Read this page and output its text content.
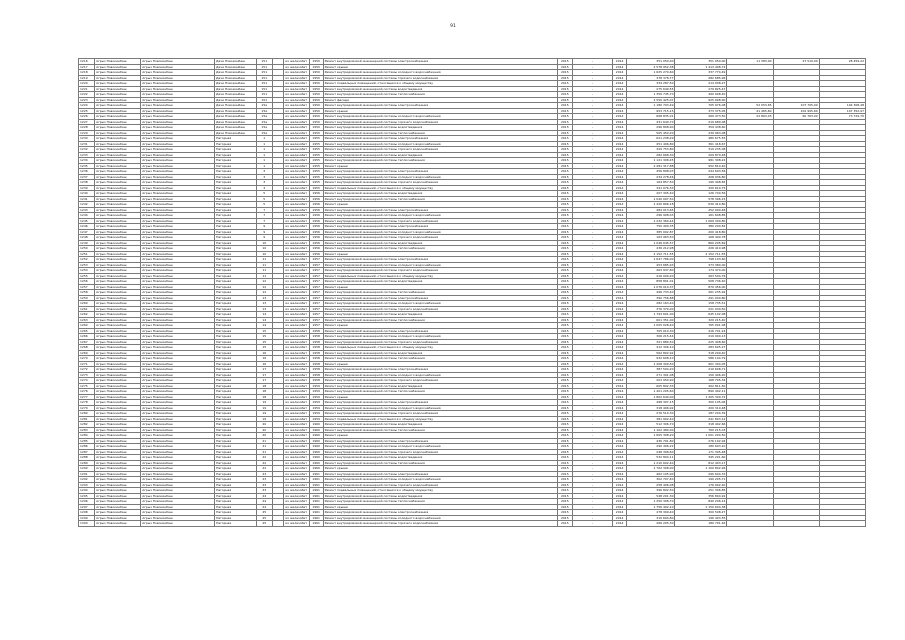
91
1216	Агрыз Новокинбаш	Агрыз Новокинбаш	Дачи Новокинбаш	151		из железобет	1950	Ремонт внутридомовой инженерной системы электроснабжения	2015	-	2014	351 050,00	351 050,00	11 383,00	27 510,00	28 459,22
1217	Агрыз Новокинбаш	Агрыз Новокинбаш	Дачи Новокинбаш	151		из железобет	1950	Ремонт крыши	2015	-	2014	2 578 952,38	1 413 498,74			
1218	Агрыз Новокинбаш	Агрыз Новокинбаш	Дачи Новокинбаш	151		из железобет	1950	Ремонт внутридомовой инженерной системы холодного водоснабжения	2015	-	2014	1 625 270,60	337 774,49			
1219	Агрыз Новокинбаш	Агрыз Новокинбаш	Дачи Новокинбаш	151		из железобет	1950	Ремонт внутридомовой инженерной системы горячего водоснабжения	2015	-	2014	378 378,77	282 685,96			
1220	Агрыз Новокинбаш	Агрыз Новокинбаш	Дачи Новокинбаш	151		из железобет	1950	Ремонт подвальных помещений, относящихся к общему имуществу	2015	-	2014	334 287,50	214 008,27			
1221	Агрыз Новокинбаш	Агрыз Новокинбаш	Дачи Новокинбаш	151		из железобет	1950	Ремонт внутридомовой инженерной системы водоотведения	2015	-	2014	275 649,55	279 825,47			
1222	Агрыз Новокинбаш	Агрыз Новокинбаш	Дачи Новокинбаш	151		из железобет	1950	Ремонт внутридомовой инженерной системы теплоснабжения	2015	-	2014	1 350 745,70	490 998,40			
1223	Агрыз Новокинбаш	Агрыз Новокинбаш	Дачи Новокинбаш	151		из железобет	1950	Ремонт фасада	2015	-	2014	2 550 425,07	925 998,90			
1224	Агрыз Новокинбаш	Агрыз Новокинбаш	Дачи Новокинбаш	15а		из железобет	1950	Ремонт внутридомовой инженерной системы электроснабжения	2015	-	2014	1 180 703,49	705 976,08	52 053,65	107 705,00	104 308,48
1225	Агрыз Новокинбаш	Агрыз Новокинбаш	Дачи Новокинбаш	15а		из железобет	1950	Ремонт крыши	2015	-	2014	953 715,15	373 375,05	41 465,60	102 995,60	107 352,97
1226	Агрыз Новокинбаш	Агрыз Новокинбаш	Дачи Новокинбаш	15а		из железобет	1950	Ремонт внутридомовой инженерной системы холодного водоснабжения	2015	-	2014	668 835,01	269 473,50	22 863,03	60 763,00	73 729,70
1227	Агрыз Новокинбаш	Агрыз Новокинбаш	Дачи Новокинбаш	15а		из железобет	1950	Ремонт внутридомовой инженерной системы горячего водоснабжения	2015	-	2014	431 640,70	219 680,08			
1228	Агрыз Новокинбаш	Агрыз Новокинбаш	Дачи Новокинбаш	15а		из железобет	1950	Ремонт внутридомовой инженерной системы водоотведения	2015	-	2014	296 808,90	359 438,60			
1229	Агрыз Новокинбаш	Агрыз Новокинбаш	Дачи Новокинбаш	15а		из железобет	1950	Ремонт внутридомовой инженерной системы теплоснабжения	2015	-	2014	505 450,20	239 963,08			
1230	Агрыз Новокинбаш	Агрыз Новокинбаш	Нагорная	1		из железобет	1955	Ремонт внутридомовой инженерной системы электроснабжения	2015	-	2014	621 238,29	480 675,55			
1231	Агрыз Новокинбаш	Агрыз Новокинбаш	Нагорная	1		из железобет	1955	Ремонт внутридомовой инженерной системы холодного водоснабжения	2015	-	2014	451 406,80	361 418,67			
1232	Агрыз Новокинбаш	Агрыз Новокинбаш	Нагорная	1		из железобет	1955	Ремонт внутридомовой инженерной системы горячего водоснабжения	2015	-	2014	329 753,80	310 235,08			
1233	Агрыз Новокинбаш	Агрыз Новокинбаш	Нагорная	1		из железобет	1955	Ремонт внутридомовой инженерной системы водоотведения	2015	-	2014	282 668,30	209 870,48			
1234	Агрыз Новокинбаш	Агрыз Новокинбаш	Нагорная	1		из железобет	1955	Ремонт внутридомовой инженерной системы теплоснабжения	2015	-	2014	1 121 308,45	981 308,22			
1235	Агрыз Новокинбаш	Агрыз Новокинбаш	Нагорная	1		из железобет	1955	Ремонт крыши	2015	-	2014	2 281 317,88	952 810,40			
1236	Агрыз Новокинбаш	Агрыз Новокинбаш	Нагорная	3		из железобет	1955	Ремонт внутридомовой инженерной системы электроснабжения	2015	-	2014	456 898,03	244 603,56			
1237	Агрыз Новокинбаш	Агрыз Новокинбаш	Нагорная	3		из железобет	1955	Ремонт внутридомовой инженерной системы холодного водоснабжения	2015	-	2014	234 278,46	208 936,80			
1238	Агрыз Новокинбаш	Агрыз Новокинбаш	Нагорная	3		из железобет	1955	Ремонт внутридомовой инженерной системы горячего водоснабжения	2015	-	2014	164 857,50	190 448,65			
1239	Агрыз Новокинбаш	Агрыз Новокинбаш	Нагорная	3		из железобет	1955	Ремонт подвальных помещений, относящихся к общему имуществу	2015	-	2014	341 076,33	320 610,75			
1240	Агрыз Новокинбаш	Агрыз Новокинбаш	Нагорная	5		из железобет	1956	Ремонт внутридомовой инженерной системы водоотведения	2015	-	2014	207 305,40	126 740,56			
1241	Агрыз Новокинбаш	Агрыз Новокинбаш	Нагорная	5		из железобет	1956	Ремонт внутридомовой инженерной системы теплоснабжения	2015	-	2014	1 040 097,50	578 396,15			
1242	Агрыз Новокинбаш	Агрыз Новокинбаш	Нагорная	5		из железобет	1956	Ремонт крыши	2015	-	2014	1 420 806,18	630 419,80			
1243	Агрыз Новокинбаш	Агрыз Новокинбаш	Нагорная	7		из железобет	1956	Ремонт внутридомовой инженерной системы электроснабжения	2015	-	2014	484 013,65	252 000,48			
1244	Агрыз Новокинбаш	Агрыз Новокинбаш	Нагорная	7		из железобет	1956	Ремонт внутридомовой инженерной системы холодного водоснабжения	2015	-	2014	296 908,03	161 608,85			
1245	Агрыз Новокинбаш	Агрыз Новокинбаш	Нагорная	7		из железобет	1956	Ремонт внутридомовой инженерной системы горячего водоснабжения	2015	-	2014	1 232 360,44	1 069 300,80			
1246	Агрыз Новокинбаш	Агрыз Новокинбаш	Нагорная	9		из железобет	1956	Ремонт внутридомовой инженерной системы электроснабжения	2015	-	2014	750 400,35	380 200,82			
1247	Агрыз Новокинбаш	Агрыз Новокинбаш	Нагорная	9		из железобет	1956	Ремонт внутридомовой инженерной системы холодного водоснабжения	2015	-	2014	385 002,87	200 418,80			
1248	Агрыз Новокинбаш	Агрыз Новокинбаш	Нагорная	9		из железобет	1956	Ремонт внутридомовой инженерной системы горячего водоснабжения	2015	-	2014	163 963,50	168 400,78			
1249	Агрыз Новокинбаш	Агрыз Новокинбаш	Нагорная	10		из железобет	1956	Ремонт внутридомовой инженерной системы водоотведения	2015	-	2014	1 046 045,57	860 205,69			
1250	Агрыз Новокинбаш	Агрыз Новокинбаш	Нагорная	10		из железобет	1956	Ремонт внутридомовой инженерной системы теплоснабжения	2015	-	2014	436 212,98	226 410,98			
1251	Агрыз Новокинбаш	Агрыз Новокинбаш	Нагорная	10		из железобет	1956	Ремонт крыши	2015	-	2014	2 152 711,55	2 152 711,55			
1252	Агрыз Новокинбаш	Агрыз Новокинбаш	Нагорная	11		из железобет	1957	Ремонт внутридомовой инженерной системы электроснабжения	2015	-	2014	1 647 786,00	798 103,60			
1253	Агрыз Новокинбаш	Агрыз Новокинбаш	Нагорная	11		из железобет	1957	Ремонт внутридомовой инженерной системы холодного водоснабжения	2015	-	2014	453 685,93	373 380,00			
1254	Агрыз Новокинбаш	Агрыз Новокинбаш	Нагорная	11		из железобет	1957	Ремонт внутридомовой инженерной системы горячего водоснабжения	2015	-	2014	263 937,80	174 474,00			
1255	Агрыз Новокинбаш	Агрыз Новокинбаш	Нагорная	11		из железобет	1957	Ремонт подвальных помещений, относящихся к общему имуществу	2015	-	2014	416 009,20	263 504,76			
1256	Агрыз Новокинбаш	Агрыз Новокинбаш	Нагорная	12		из железобет	1957	Ремонт внутридомовой инженерной системы водоотведения	2015	-	2014	858 801,01	508 736,40			
1257	Агрыз Новокинбаш	Агрыз Новокинбаш	Нагорная	12		из железобет	1957	Ремонт крыши	2015	-	2014	1 076 010,37	870 456,00			
1258	Агрыз Новокинбаш	Агрыз Новокинбаш	Нагорная	12		из железобет	1957	Ремонт внутридомовой инженерной системы теплоснабжения	2015	-	2014	496 733,40	261 235,92			
1259	Агрыз Новокинбаш	Агрыз Новокинбаш	Нагорная	13		из железобет	1957	Ремонт внутридомовой инженерной системы электроснабжения	2015	-	2014	390 756,88	291 040,80			
1260	Агрыз Новокинбаш	Агрыз Новокинбаш	Нагорная	13		из железобет	1957	Ремонт внутридомовой инженерной системы холодного водоснабжения	2015	-	2014	282 163,40	158 735,51			
1261	Агрыз Новокинбаш	Агрыз Новокинбаш	Нагорная	13		из железобет	1957	Ремонт внутридомовой инженерной системы горячего водоснабжения	2015	-	2014	376 370,00	221 939,50			
1262	Агрыз Новокинбаш	Агрыз Новокинбаш	Нагорная	14		из железобет	1957	Ремонт внутридомовой инженерной системы водоотведения	2015	-	2014	1 793 601,00	645 102,08			
1263	Агрыз Новокинбаш	Агрыз Новокинбаш	Нагорная	14		из железобет	1957	Ремонт внутридомовой инженерной системы теплоснабжения	2015	-	2014	601 351,00	320 215,40			
1264	Агрыз Новокинбаш	Агрыз Новокинбаш	Нагорная	14		из железобет	1957	Ремонт крыши	2015	-	2014	1 005 028,40	765 001,08			
1265	Агрыз Новокинбаш	Агрыз Новокинбаш	Нагорная	15		из железобет	1958	Ремонт внутридомовой инженерной системы электроснабжения	2015	-	2014	705 010,30	416 701,24			
1266	Агрыз Новокинбаш	Агрыз Новокинбаш	Нагорная	15		из железобет	1958	Ремонт внутридомовой инженерной системы холодного водоснабжения	2015	-	2014	306 215,44	219 900,13			
1267	Агрыз Новокинбаш	Агрыз Новокинбаш	Нагорная	15		из железобет	1958	Ремонт внутридомовой инженерной системы горячего водоснабжения	2015	-	2014	321 880,50	225 408,60			
1268	Агрыз Новокинбаш	Агрыз Новокинбаш	Нагорная	15		из железобет	1958	Ремонт подвальных помещений, относящихся к общему имуществу	2015	-	2014	412 306,10	283 605,27			
1269	Агрыз Новокинбаш	Агрыз Новокинбаш	Нагорная	16		из железобет	1958	Ремонт внутридомовой инженерной системы водоотведения	2015	-	2014	562 802,92	318 209,40			
1270	Агрыз Новокинбаш	Агрыз Новокинбаш	Нагорная	16		из железобет	1958	Ремонт внутридомовой инженерной системы теплоснабжения	2015	-	2014	932 608,10	586 104,79			
1271	Агрыз Новокинбаш	Агрыз Новокинбаш	Нагорная	16		из железобет	1958	Ремонт крыши	2015	-	2014	1 208 309,50	901 304,05			
1272	Агрыз Новокинбаш	Агрыз Новокинбаш	Нагорная	17		из железобет	1958	Ремонт внутридомовой инженерной системы электроснабжения	2015	-	2014	387 504,20	210 608,71			
1273	Агрыз Новокинбаш	Агрыз Новокинбаш	Нагорная	17		из железобет	1958	Ремонт внутридомовой инженерной системы холодного водоснабжения	2015	-	2014	271 301,08	150 406,20			
1274	Агрыз Новокинбаш	Агрыз Новокинбаш	Нагорная	17		из железобет	1958	Ремонт внутридомовой инженерной системы горячего водоснабжения	2015	-	2014	203 950,90	168 705,34			
1275	Агрыз Новокинбаш	Агрыз Новокинбаш	Нагорная	18		из железобет	1959	Ремонт внутридомовой инженерной системы водоотведения	2015	-	2014	605 802,33	402 811,50			
1276	Агрыз Новокинбаш	Агрыз Новокинбаш	Нагорная	18		из железобет	1959	Ремонт внутридомовой инженерной системы теплоснабжения	2015	-	2014	1 401 205,60	890 402,11			
1277	Агрыз Новокинбаш	Агрыз Новокинбаш	Нагорная	18		из железобет	1959	Ремонт крыши	2015	-	2014	1 802 640,00	1 205 300,72			
1278	Агрыз Новокинбаш	Агрыз Новокинбаш	Нагорная	19		из железобет	1959	Ремонт внутридомовой инженерной системы электроснабжения	2015	-	2014	498 307,15	300 105,06			
1279	Агрыз Новокинбаш	Агрыз Новокинбаш	Нагорная	19		из железобет	1959	Ремонт внутридомовой инженерной системы холодного водоснабжения	2015	-	2014	318 406,92	200 310,48			
1280	Агрыз Новокинбаш	Агрыз Новокинбаш	Нагорная	19		из железобет	1959	Ремонт внутридомовой инженерной системы горячего водоснабжения	2015	-	2014	276 510,30	187 204,39			
1281	Агрыз Новокинбаш	Агрыз Новокинбаш	Нагорная	19		из железобет	1959	Ремонт подвальных помещений, относящихся к общему имуществу	2015	-	2014	381 902,40	241 803,12			
1282	Агрыз Новокинбаш	Агрыз Новокинбаш	Нагорная	20		из железобет	1960	Ремонт внутридомовой инженерной системы водоотведения	2015	-	2014	512 306,70	318 402,66			
1283	Агрыз Новокинбаш	Агрыз Новокинбаш	Нагорная	20		из железобет	1960	Ремонт внутридомовой инженерной системы теплоснабжения	2015	-	2014	1 102 480,00	760 215,03			
1284	Агрыз Новокинбаш	Агрыз Новокинбаш	Нагорная	20		из железобет	1960	Ремонт крыши	2015	-	2014	1 605 308,20	1 001 204,50			
1285	Агрыз Новокинбаш	Агрыз Новокинбаш	Нагорная	21		из железобет	1960	Ремонт внутридомовой инженерной системы электроснабжения	2015	-	2014	436 701,80	276 102,94			
1286	Агрыз Новокинбаш	Агрыз Новокинбаш	Нагорная	21		из железобет	1960	Ремонт внутридомовой инженерной системы холодного водоснабжения	2015	-	2014	290 406,22	180 603,10			
1287	Агрыз Новокинбаш	Агрыз Новокинбаш	Нагорная	21		из железобет	1960	Ремонт внутридомовой инженерной системы горячего водоснабжения	2015	-	2014	248 308,60	171 305,48			
1288	Агрыз Новокинбаш	Агрыз Новокинбаш	Нагорная	22		из железобет	1960	Ремонт внутридомовой инженерной системы водоотведения	2015	-	2014	532 804,11	345 201,60			
1289	Агрыз Новокинбаш	Агрыз Новокинбаш	Нагорная	22		из железобет	1960	Ремонт внутридомовой инженерной системы теплоснабжения	2015	-	2014	1 210 602,40	812 403,17			
1290	Агрыз Новокинбаш	Агрыз Новокинбаш	Нагорная	22		из железобет	1960	Ремонт крыши	2015	-	2014	1 702 308,00	1 100 802,26			
1291	Агрыз Новокинбаш	Агрыз Новокинбаш	Нагорная	23		из железобет	1961	Ремонт внутридомовой инженерной системы электроснабжения	2015	-	2014	462 105,90	290 604,33			
1292	Агрыз Новокинбаш	Агрыз Новокинбаш	Нагорная	23		из железобет	1961	Ремонт внутридомовой инженерной системы холодного водоснабжения	2015	-	2014	302 707,40	190 205,71			
1293	Агрыз Новокинбаш	Агрыз Новокинбаш	Нагорная	23		из железобет	1961	Ремонт внутридомовой инженерной системы горячего водоснабжения	2015	-	2014	258 406,08	176 902,40			
1294	Агрыз Новокинбаш	Агрыз Новокинбаш	Нагорная	23		из железобет	1961	Ремонт подвальных помещений, относящихся к общему имуществу	2015	-	2014	396 802,50	251 306,85			
1295	Агрыз Новокинбаш	Агрыз Новокинбаш	Нагорная	24		из железобет	1961	Ремонт внутридомовой инженерной системы водоотведения	2015	-	2014	548 201,30	356 804,92			
1296	Агрыз Новокинбаш	Агрыз Новокинбаш	Нагорная	24		из железобет	1961	Ремонт внутридомовой инженерной системы теплоснабжения	2015	-	2014	1 250 308,70	840 206,14			
1297	Агрыз Новокинбаш	Агрыз Новокинбаш	Нагорная	24		из железобет	1961	Ремонт крыши	2015	-	2014	1 756 402,10	1 150 604,38			
1298	Агрыз Новокинбаш	Агрыз Новокинбаш	Нагорная	25		из железобет	1961	Ремонт внутридомовой инженерной системы электроснабжения	2015	-	2014	478 309,40	300 508,27			
1299	Агрыз Новокинбаш	Агрыз Новокинбаш	Нагорная	25		из железобет	1961	Ремонт внутридомовой инженерной системы холодного водоснабжения	2015	-	2014	310 604,80	196 403,55			
1300	Агрыз Новокинбаш	Агрыз Новокинбаш	Нагорная	25		из железобет	1961	Ремонт внутридомовой инженерной системы горячего водоснабжения	2015	-	2014	266 205,30	180 701,46			
